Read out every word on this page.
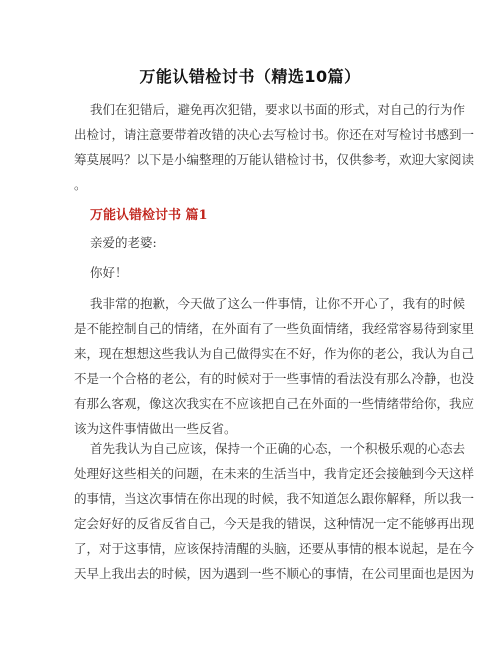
万能认错检讨书（精选10篇）
我们在犯错后，避免再次犯错，要求以书面的形式，对自己的行为作
出检讨，请注意要带着改错的决心去写检讨书。你还在对写检讨书感到一
筹莫展吗？以下是小编整理的万能认错检讨书，仅供参考，欢迎大家阅读
。
万能认错检讨书 篇1
亲爱的老婆:
你好！
我非常的抱歉，今天做了这么一件事情，让你不开心了，我有的时候
是不能控制自己的情绪，在外面有了一些负面情绪，我经常容易待到家里
来，现在想想这些我认为自己做得实在不好，作为你的老公，我认为自己
不是一个合格的老公，有的时候对于一些事情的看法没有那么冷静，也没
有那么客观，像这次我实在不应该把自己在外面的一些情绪带给你，我应
该为这件事情做出一些反省。
首先我认为自己应该，保持一个正确的心态，一个积极乐观的心态去
处理好这些相关的问题，在未来的生活当中，我肯定还会接触到今天这样
的事情，当这次事情在你出现的时候，我不知道怎么跟你解释，所以我一
定会好好的反省反省自己，今天是我的错误，这种情况一定不能够再出现
了，对于这事情，应该保持清醒的头脑，还要从事情的根本说起，是在今
天早上我出去的时候，因为遇到一些不顺心的事情，在公司里面也是因为
